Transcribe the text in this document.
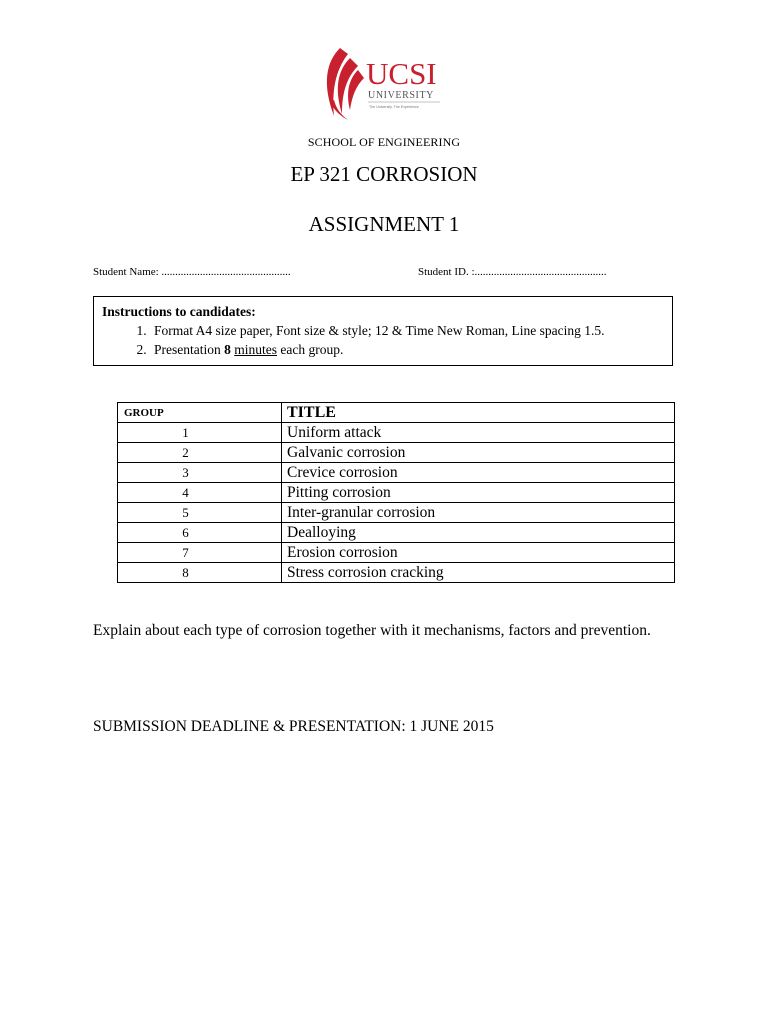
UCSI
UNIVERSITY
The University. The Experience
SCHOOL OF ENGINEERING
EP 321 CORROSION
ASSIGNMENT 1
Student Name: ...............................................	Student ID. :................................................
Instructions to candidates:
1. Format A4 size paper, Font size & style; 12 & Time New Roman, Line spacing 1.5.
2. Presentation 8 minutes each group.
GROUP	TITLE
1	Uniform attack
2	Galvanic corrosion
3	Crevice corrosion
4	Pitting corrosion
5	Inter-granular corrosion
6	Dealloying
7	Erosion corrosion
8	Stress corrosion cracking
Explain about each type of corrosion together with it mechanisms, factors and prevention.
SUBMISSION DEADLINE & PRESENTATION: 1 JUNE 2015
